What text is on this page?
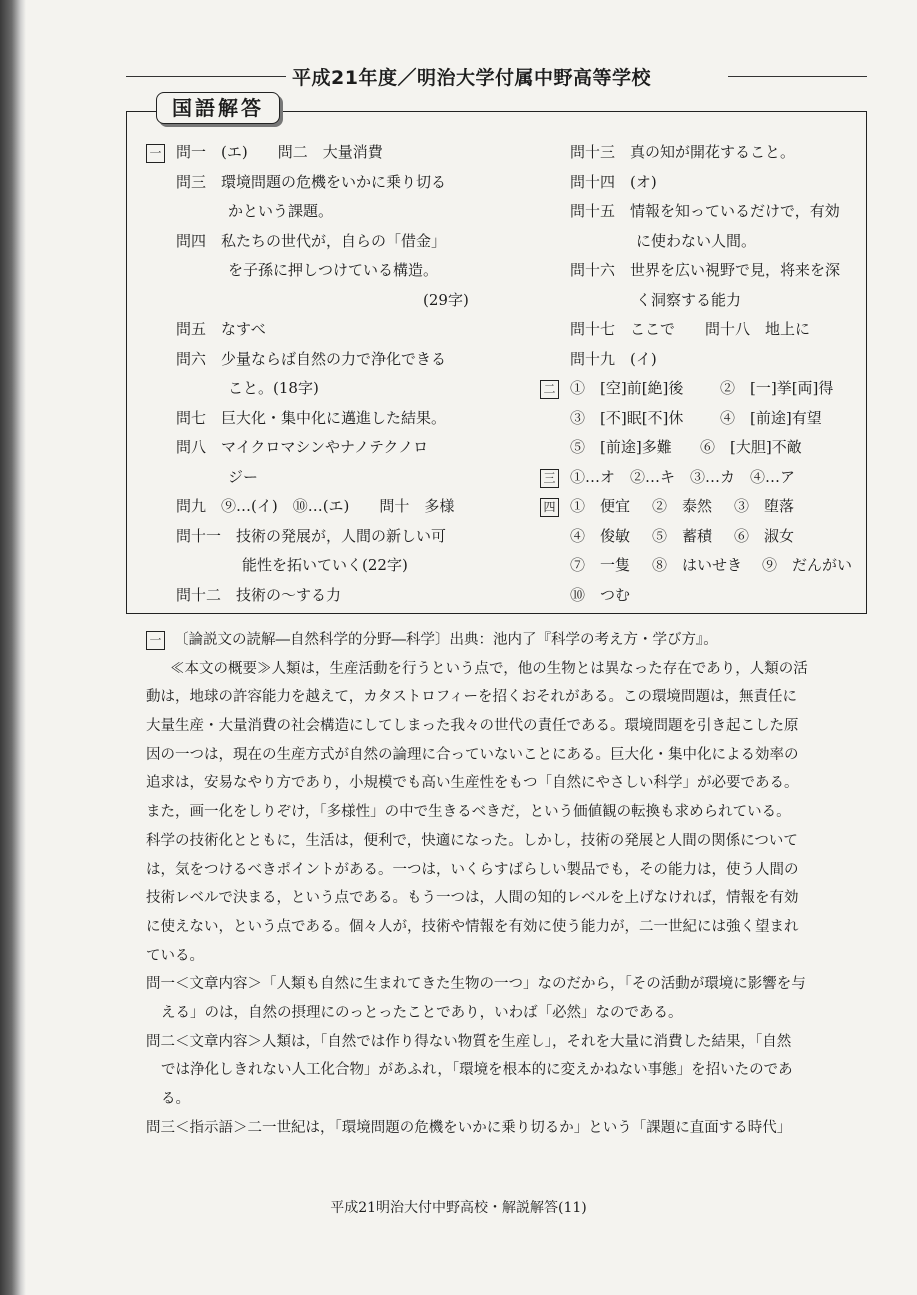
平成21年度／明治大学付属中野高等学校
国語解答
一 問一　(エ)　　問二　大量消費
問三　環境問題の危機をいかに乗り切る
かという課題。
問四　私たちの世代が，自らの「借金」
を子孫に押しつけている構造。
(29字)
問五　なすべ
問六　少量ならば自然の力で浄化できる
こと。(18字)
問七　巨大化・集中化に邁進した結果。
問八　マイクロマシンやナノテクノロ
ジー
問九　⑨…(イ)　⑩…(エ)　　問十　多様
問十一　技術の発展が，人間の新しい可
能性を拓いていく(22字)
問十二　技術の～する力
問十三　真の知が開花すること。
問十四　(オ)
問十五　情報を知っているだけで，有効
に使わない人間。
問十六　世界を広い視野で見，将来を深
く洞察する能力
問十七　ここで　　問十八　地上に
問十九　(イ)
二 ①　[空]前[絶]後 ②　[一]挙[両]得
③　[不]眠[不]休 ④　[前途]有望
⑤　[前途]多難 ⑥　[大胆]不敵
三 ①…オ　②…キ　③…カ　④…ア
四 ①　便宜 ②　泰然 ③　堕落
④　俊敏 ⑤　蓄積 ⑥　淑女
⑦　一隻 ⑧　はいせき ⑨　だんがい
⑩　つむ
一 〔論説文の読解―自然科学的分野―科学〕出典：池内了『科学の考え方・学び方』。
≪本文の概要≫人類は，生産活動を行うという点で，他の生物とは異なった存在であり，人類の活
動は，地球の許容能力を越えて，カタストロフィーを招くおそれがある。この環境問題は，無責任に
大量生産・大量消費の社会構造にしてしまった我々の世代の責任である。環境問題を引き起こした原
因の一つは，現在の生産方式が自然の論理に合っていないことにある。巨大化・集中化による効率の
追求は，安易なやり方であり，小規模でも高い生産性をもつ「自然にやさしい科学」が必要である。
また，画一化をしりぞけ，「多様性」の中で生きるべきだ，という価値観の転換も求められている。
科学の技術化とともに，生活は，便利で，快適になった。しかし，技術の発展と人間の関係について
は，気をつけるべきポイントがある。一つは，いくらすばらしい製品でも，その能力は，使う人間の
技術レベルで決まる，という点である。もう一つは，人間の知的レベルを上げなければ，情報を有効
に使えない，という点である。個々人が，技術や情報を有効に使う能力が，二一世紀には強く望まれ
ている。
問一＜文章内容＞「人類も自然に生まれてきた生物の一つ」なのだから，「その活動が環境に影響を与
える」のは，自然の摂理にのっとったことであり，いわば「必然」なのである。
問二＜文章内容＞人類は，「自然では作り得ない物質を生産し」，それを大量に消費した結果，「自然
では浄化しきれない人工化合物」があふれ，「環境を根本的に変えかねない事態」を招いたのであ
る。
問三＜指示語＞二一世紀は，「環境問題の危機をいかに乗り切るか」という「課題に直面する時代」
平成21明治大付中野高校・解説解答(11)
